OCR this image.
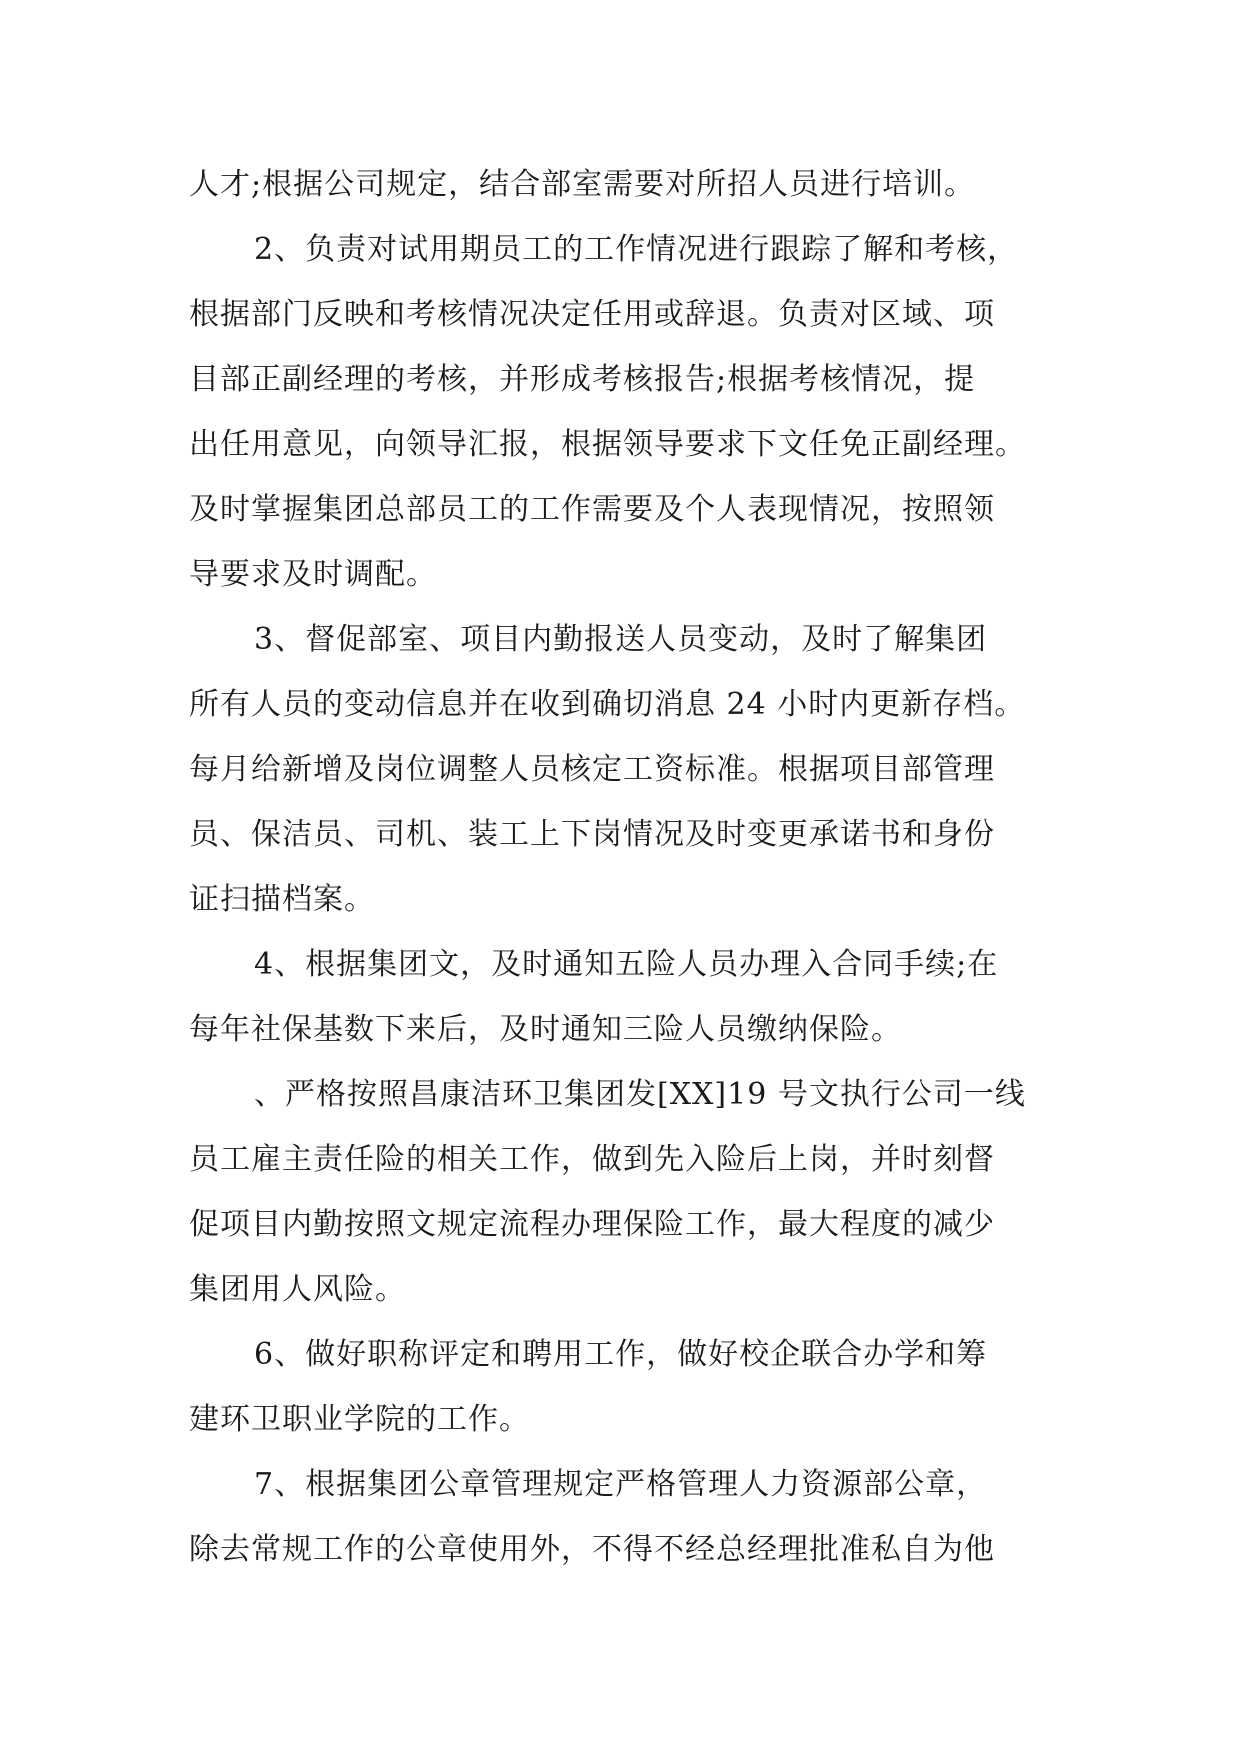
人才;根据公司规定，结合部室需要对所招人员进行培训。
2、负责对试用期员工的工作情况进行跟踪了解和考核，
根据部门反映和考核情况决定任用或辞退。负责对区域、项
目部正副经理的考核，并形成考核报告;根据考核情况，提
出任用意见，向领导汇报，根据领导要求下文任免正副经理。
及时掌握集团总部员工的工作需要及个人表现情况，按照领
导要求及时调配。
3、督促部室、项目内勤报送人员变动，及时了解集团
所有人员的变动信息并在收到确切消息 24 小时内更新存档。
每月给新增及岗位调整人员核定工资标准。根据项目部管理
员、保洁员、司机、装工上下岗情况及时变更承诺书和身份
证扫描档案。
4、根据集团文，及时通知五险人员办理入合同手续;在
每年社保基数下来后，及时通知三险人员缴纳保险。
、严格按照昌康洁环卫集团发[XX]19 号文执行公司一线
员工雇主责任险的相关工作，做到先入险后上岗，并时刻督
促项目内勤按照文规定流程办理保险工作，最大程度的减少
集团用人风险。
6、做好职称评定和聘用工作，做好校企联合办学和筹
建环卫职业学院的工作。
7、根据集团公章管理规定严格管理人力资源部公章，
除去常规工作的公章使用外，不得不经总经理批准私自为他
